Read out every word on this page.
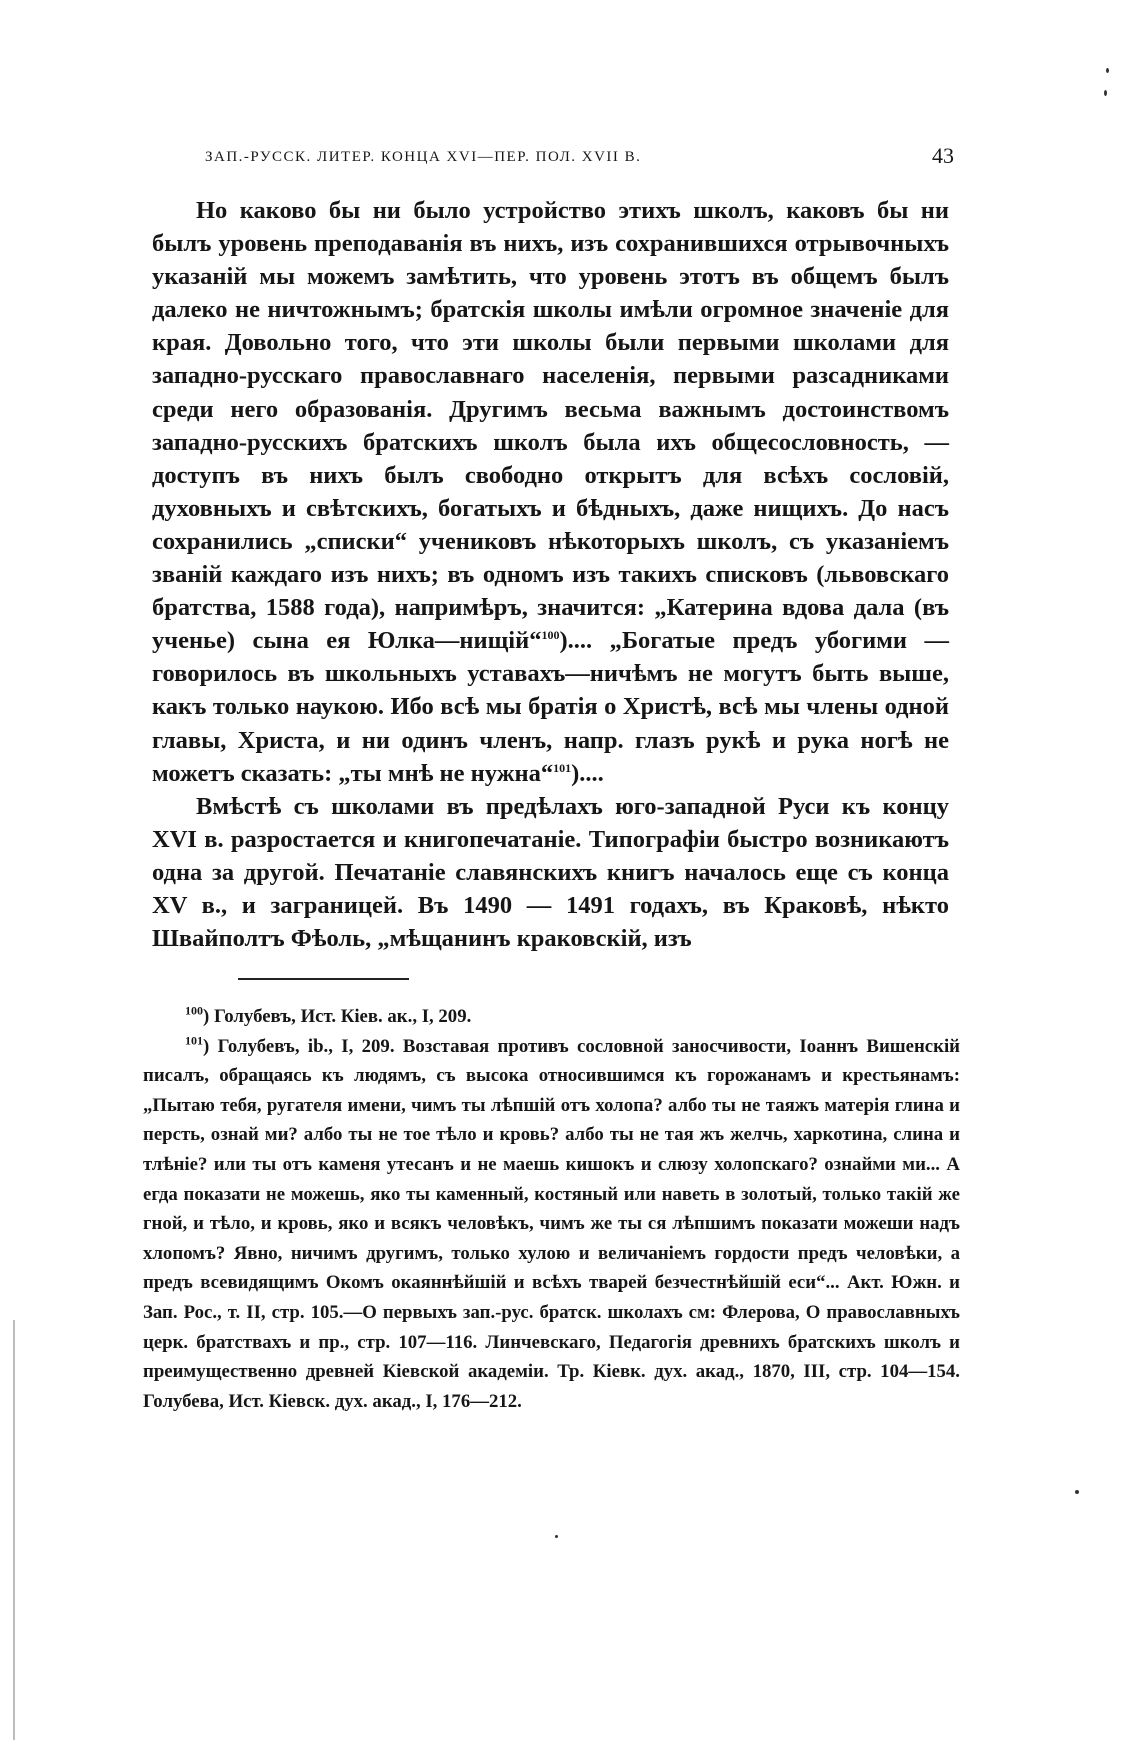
ЗАП.-РУСCК. ЛИТЕР. КОНЦА XVI—ПЕР. ПОЛ. XVII В.	43

Но каково бы ни было устройство этихъ школъ, каковъ бы ни былъ уровень преподаванія въ нихъ, изъ сохранившихся отрывочныхъ указаній мы можемъ замѣтить, что уровень этотъ въ общемъ былъ далеко не ничтожнымъ; братскія школы имѣли огромное значеніе для края. Довольно того, что эти школы были первыми школами для западно-русскаго православнаго населенія, первыми разсадниками среди него образованія. Другимъ весьма важнымъ достоинствомъ западно-русскихъ братскихъ школъ была ихъ общесословность, — доступъ въ нихъ былъ свободно открытъ для всѣхъ сословій, духовныхъ и свѣтскихъ, богатыхъ и бѣдныхъ, даже нищихъ. До насъ сохранились „списки“ учениковъ нѣкоторыхъ школъ, съ указаніемъ званій каждаго изъ нихъ; въ одномъ изъ такихъ списковъ (львовскаго братства, 1588 года), напримѣръ, значится: „Катерина вдова дала (въ ученье) сына ея Юлка—нищій“$^{100}$).... „Богатые предъ убогими — говорилось въ школьныхъ уставахъ—ничѣмъ не могутъ быть выше, какъ только наукою. Ибо всѣ мы братія о Христѣ, всѣ мы члены одной главы, Христа, и ни одинъ членъ, напр. глазъ рукѣ и рука ногѣ не можетъ сказать: „ты мнѣ не нужна“$^{101}$)....

Вмѣстѣ съ школами въ предѣлахъ юго-западной Руси къ концу XVI в. разростается и книгопечатаніе. Типографіи быстро возникаютъ одна за другой. Печатаніе славянскихъ книгъ началось еще съ конца XV в., и заграницей. Въ 1490 — 1491 годахъ, въ Краковѣ, нѣкто Швайполтъ Фѣоль, „мѣщанинъ краковскій, изъ

$^{100}$) Голубевъ, Ист. Кіев. ак., I, 209.

$^{101}$) Голубевъ, ib., I, 209. Возставая противъ сословной заносчивости, Іоаннъ Вишенскій писалъ, обращаясь къ людямъ, съ высока относившимся къ горожанамъ и крестьянамъ: „Пытаю тебя, ругателя имени, чимъ ты лѣпшій отъ холопа? албо ты не таяжъ матерія глина и персть, ознай ми? албо ты не тое тѣло и кровь? албо ты не тая жъ желчь, харкотина, слина и тлѣніе? или ты отъ каменя утесанъ и не маешь кишокъ и слюзу холопскаго? ознайми ми... А егда показати не можешь, яко ты каменный, костяный или наветь в золотый, только такій же гной, и тѣло, и кровь, яко и всякъ человѣкъ, чимъ же ты ся лѣпшимъ показати можеши надъ хлопомъ? Явно, ничимъ другимъ, только хулою и величаніемъ гордости предъ человѣки, а предъ всевидящимъ Окомъ окаяннѣйшій и всѣхъ тварей безчестнѣйшій еси“... Акт. Южн. и Зап. Рос., т. II, стр. 105.—О первыхъ зап.-рус. братск. школахъ см: Флерова, О православныхъ церк. братствахъ и пр., стр. 107—116. Линчевскаго, Педагогія древнихъ братскихъ школъ и преимущественно древней Кіевской академіи. Тр. Кіевк. дух. акад., 1870, III, стр. 104—154. Голубева, Ист. Кіевск. дух. акад., I, 176—212.
